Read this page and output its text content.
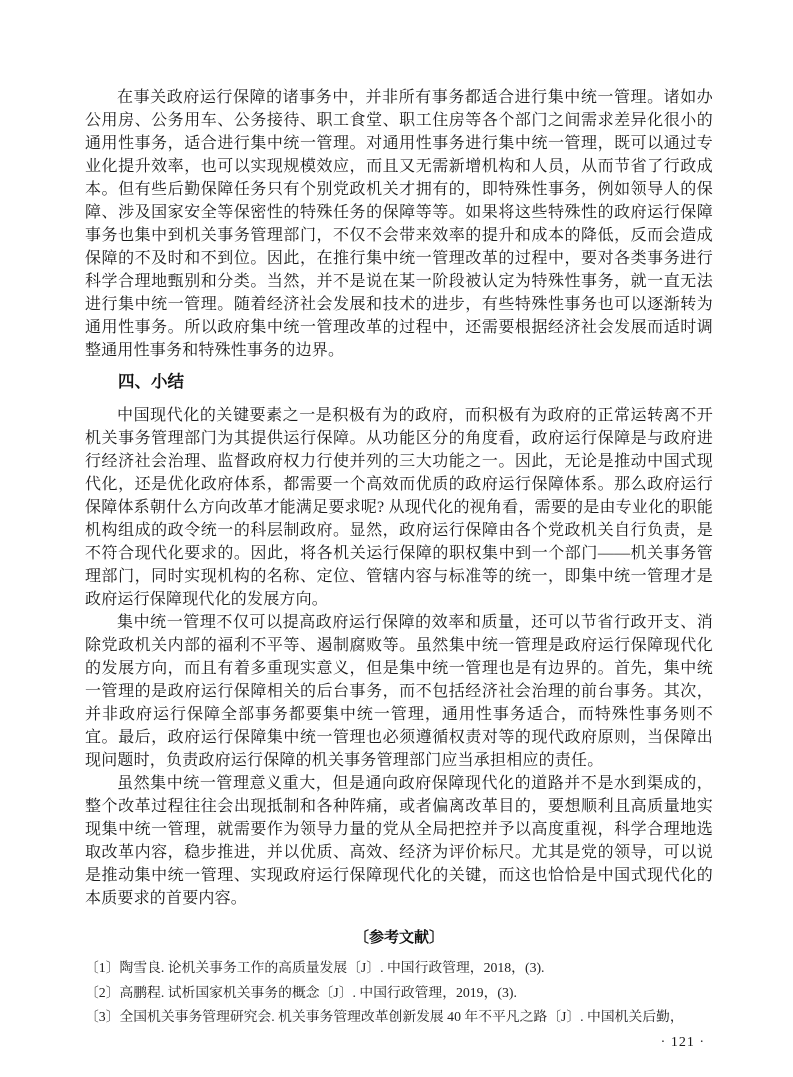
在事关政府运行保障的诸事务中，并非所有事务都适合进行集中统一管理。诸如办公用房、公务用车、公务接待、职工食堂、职工住房等各个部门之间需求差异化很小的通用性事务，适合进行集中统一管理。对通用性事务进行集中统一管理，既可以通过专业化提升效率，也可以实现规模效应，而且又无需新增机构和人员，从而节省了行政成本。但有些后勤保障任务只有个别党政机关才拥有的，即特殊性事务，例如领导人的保障、涉及国家安全等保密性的特殊任务的保障等等。如果将这些特殊性的政府运行保障事务也集中到机关事务管理部门，不仅不会带来效率的提升和成本的降低，反而会造成保障的不及时和不到位。因此，在推行集中统一管理改革的过程中，要对各类事务进行科学合理地甄别和分类。当然，并不是说在某一阶段被认定为特殊性事务，就一直无法进行集中统一管理。随着经济社会发展和技术的进步，有些特殊性事务也可以逐渐转为通用性事务。所以政府集中统一管理改革的过程中，还需要根据经济社会发展而适时调整通用性事务和特殊性事务的边界。

四、小结

中国现代化的关键要素之一是积极有为的政府，而积极有为政府的正常运转离不开机关事务管理部门为其提供运行保障。从功能区分的角度看，政府运行保障是与政府进行经济社会治理、监督政府权力行使并列的三大功能之一。因此，无论是推动中国式现代化，还是优化政府体系，都需要一个高效而优质的政府运行保障体系。那么政府运行保障体系朝什么方向改革才能满足要求呢? 从现代化的视角看，需要的是由专业化的职能机构组成的政令统一的科层制政府。显然，政府运行保障由各个党政机关自行负责，是不符合现代化要求的。因此，将各机关运行保障的职权集中到一个部门——机关事务管理部门，同时实现机构的名称、定位、管辖内容与标准等的统一，即集中统一管理才是政府运行保障现代化的发展方向。

集中统一管理不仅可以提高政府运行保障的效率和质量，还可以节省行政开支、消除党政机关内部的福利不平等、遏制腐败等。虽然集中统一管理是政府运行保障现代化的发展方向，而且有着多重现实意义，但是集中统一管理也是有边界的。首先，集中统一管理的是政府运行保障相关的后台事务，而不包括经济社会治理的前台事务。其次，并非政府运行保障全部事务都要集中统一管理，通用性事务适合，而特殊性事务则不宜。最后，政府运行保障集中统一管理也必须遵循权责对等的现代政府原则，当保障出现问题时，负责政府运行保障的机关事务管理部门应当承担相应的责任。

虽然集中统一管理意义重大，但是通向政府保障现代化的道路并不是水到渠成的，整个改革过程往往会出现抵制和各种阵痛，或者偏离改革目的，要想顺利且高质量地实现集中统一管理，就需要作为领导力量的党从全局把控并予以高度重视，科学合理地选取改革内容，稳步推进，并以优质、高效、经济为评价标尺。尤其是党的领导，可以说是推动集中统一管理、实现政府运行保障现代化的关键，而这也恰恰是中国式现代化的本质要求的首要内容。

〔参考文献〕

〔1〕陶雪良. 论机关事务工作的高质量发展〔J〕. 中国行政管理，2018，(3).

〔2〕高鹏程. 试析国家机关事务的概念〔J〕. 中国行政管理，2019，(3).

〔3〕全国机关事务管理研究会. 机关事务管理改革创新发展 40 年不平凡之路〔J〕. 中国机关后勤，

· 121 ·
